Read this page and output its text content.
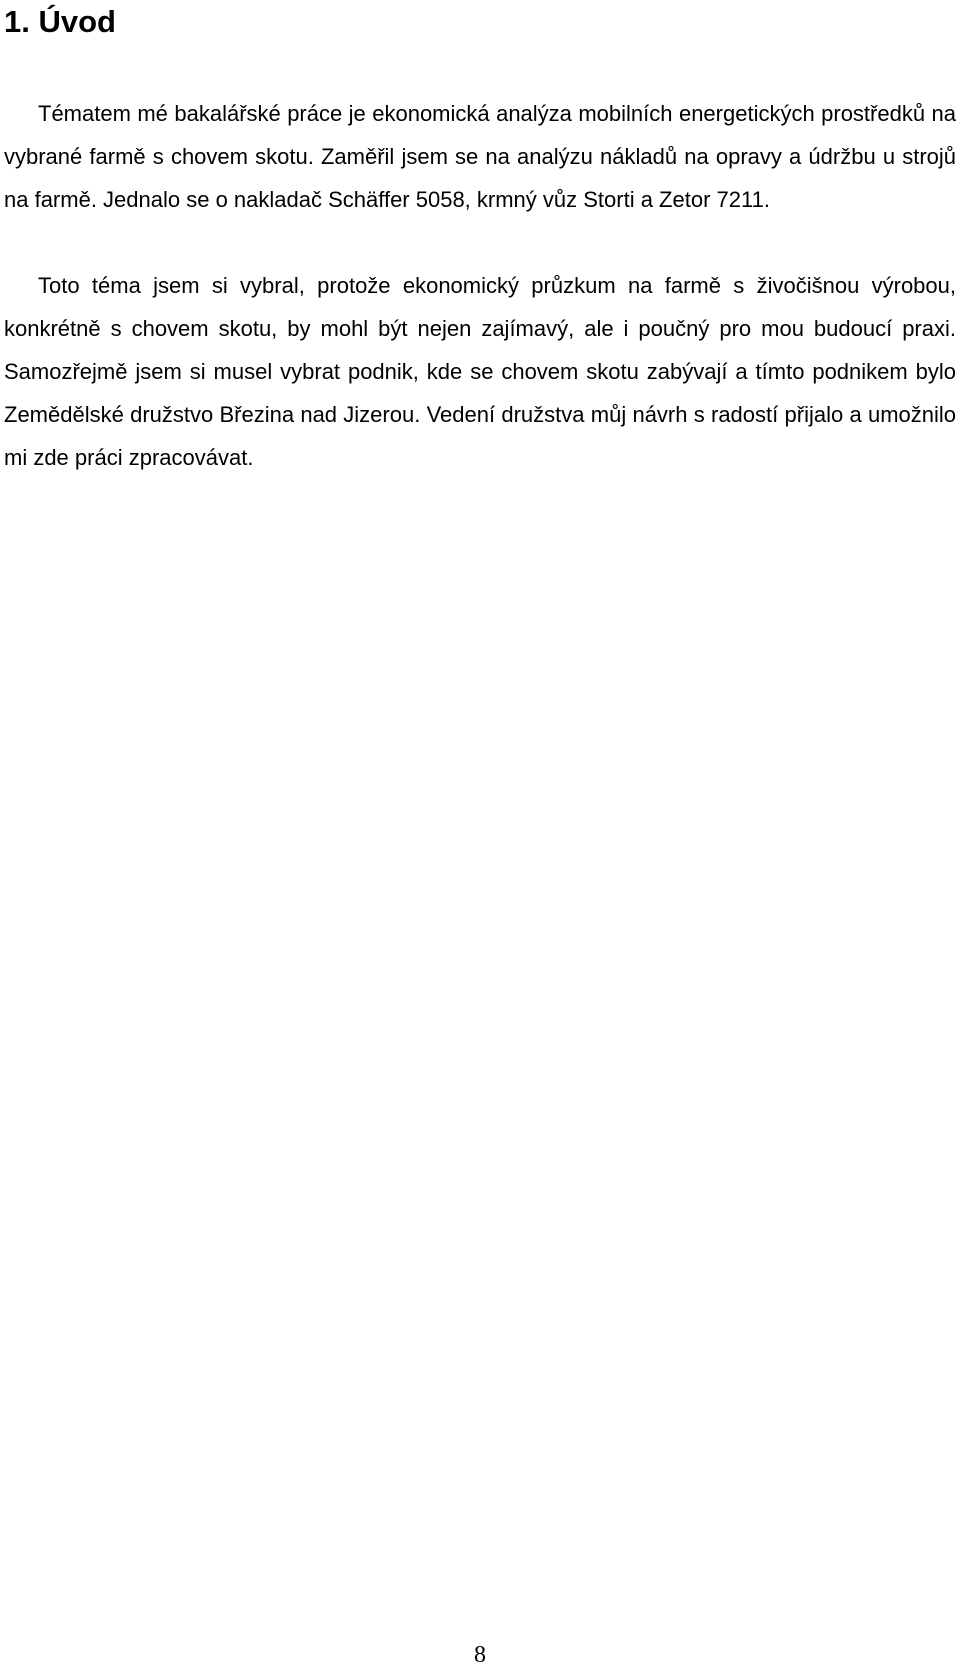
1. Úvod

Tématem mé bakalářské práce je ekonomická analýza mobilních energetických prostředků na vybrané farmě s chovem skotu. Zaměřil jsem se na analýzu nákladů na opravy a údržbu u strojů na farmě. Jednalo se o nakladač Schäffer 5058, krmný vůz Storti a Zetor 7211.

Toto téma jsem si vybral, protože ekonomický průzkum na farmě s živočišnou výrobou, konkrétně s chovem skotu, by mohl být nejen zajímavý, ale i poučný pro mou budoucí praxi. Samozřejmě jsem si musel vybrat podnik, kde se chovem skotu zabývají a tímto podnikem bylo Zemědělské družstvo Březina nad Jizerou. Vedení družstva můj návrh s radostí přijalo a umožnilo mi zde práci zpracovávat.

8
